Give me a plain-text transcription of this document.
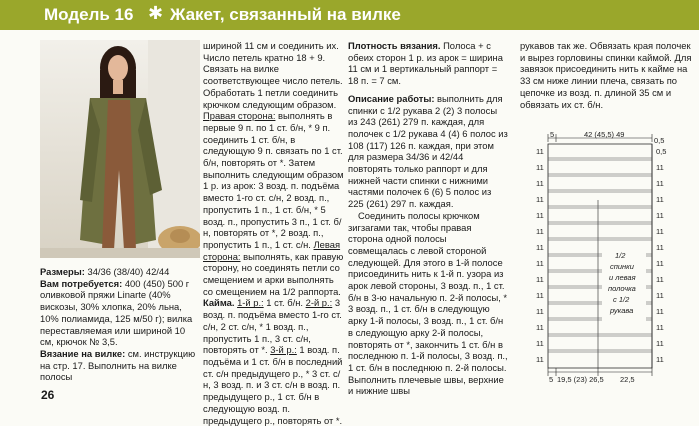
Модель 16 ✱ Жакет, связанный на вилке

Размеры: 34/36 (38/40) 42/44

Вам потребуется: 400 (450) 500 г оливковой пряжи Linarte (40% вискозы, 30% хлопка, 20% льна, 10% полиамида, 125 м/50 г); вилка переставляемая или шириной 10 см, крючок № 3,5.

Вязание на вилке: см. инструкцию на стр. 17. Выполнить на вилке полосы

шириной 11 см и соединить их. Число петель кратно 18 + 9. Связать на вилке соответствующее число петель. Обработать 1 петли соединить крючком следующим образом. Правая сторона: выполнять в первые 9 п. по 1 ст. б/н, * 9 п. соединить 1 ст. б/н, в следующую 9 п. связать по 1 ст. б/н, повторять от *. Затем выполнить следующим образом 1 р. из арок: 3 возд. п. подъёма вместо 1-го ст. с/н, 2 возд. п., пропустить 1 п., 1 ст. б/н, * 5 возд. п., пропустить 3 п., 1 ст. б/н, повторять от *, 2 возд. п., пропустить 1 п., 1 ст. с/н. Левая сторона: выполнять, как правую сторону, но соединять петли со смещением и арки выполнять со смещением на 1/2 раппорта. Кайма. 1-й р.: 1 ст. б/н. 2-й р.: 3 возд. п. подъёма вместо 1-го ст. с/н, 2 ст. с/н, * 1 возд. п., пропустить 1 п., 3 ст. с/н, повторять от *. 3-й р.: 1 возд. п. подъёма и 1 ст. б/н в последний ст. с/н предыдущего р., * 3 ст. с/н, 3 возд. п. и 3 ст. с/н в возд. п. предыдущего р., 1 ст. б/н в следующую возд. п. предыдущего р., повторять от *.

Плотность вязания. Полоса + с обеих сторон 1 р. из арок = ширина 11 см и 1 вертикальный раппорт = 18 п. = 7 см.

Описание работы: выполнить для спинки с 1/2 рукава 2 (2) 3 полосы из 243 (261) 279 п. каждая, для полочек с 1/2 рукава 4 (4) 6 полос из 108 (117) 126 п. каждая, при этом для размера 34/36 и 42/44 повторять только раппорт и для нижней части спинки с нижними частями полочек 6 (6) 5 полос из 225 (261) 297 п. каждая.

Соединить полосы крючком зигзагами так, чтобы правая сторона одной полосы совмещалась с левой стороной следующей. Для этого в 1-й полосе присоединить нить к 1-й п. узора из арок левой стороны, 3 возд. п., 1 ст. б/н в 3-ю начальную п. 2-й полосы, * 3 возд. п., 1 ст. б/н в следующую арку 1-й полосы, 3 возд. п., 1 ст. б/н в следующую арку 2-й полосы, повторять от *, закончить 1 ст. б/н в последнюю п. 1-й полосы, 3 возд. п., 1 ст. б/н в последнюю п. 2-й полосы. Выполнить плечевые швы, верхние и нижние швы

рукавов так же. Обвязать края полочек и вырез горловины спинки каймой. Для завязок присоединить нить к кайме на 33 см ниже линии плеча, связать по цепочке из возд. п. длиной 35 см и обвязать их ст. б/н.

5	42 (45,5) 49
0,5
11
11
11
11
11
11
11
11
11
11
11
11
11
11
0,5
11
11
11
11
11
11
11
11
11
11
11
11
11
1/2
спинки
и левая
полочка
с 1/2
рукава
5 19,5 (23) 26,5 22,5
26
